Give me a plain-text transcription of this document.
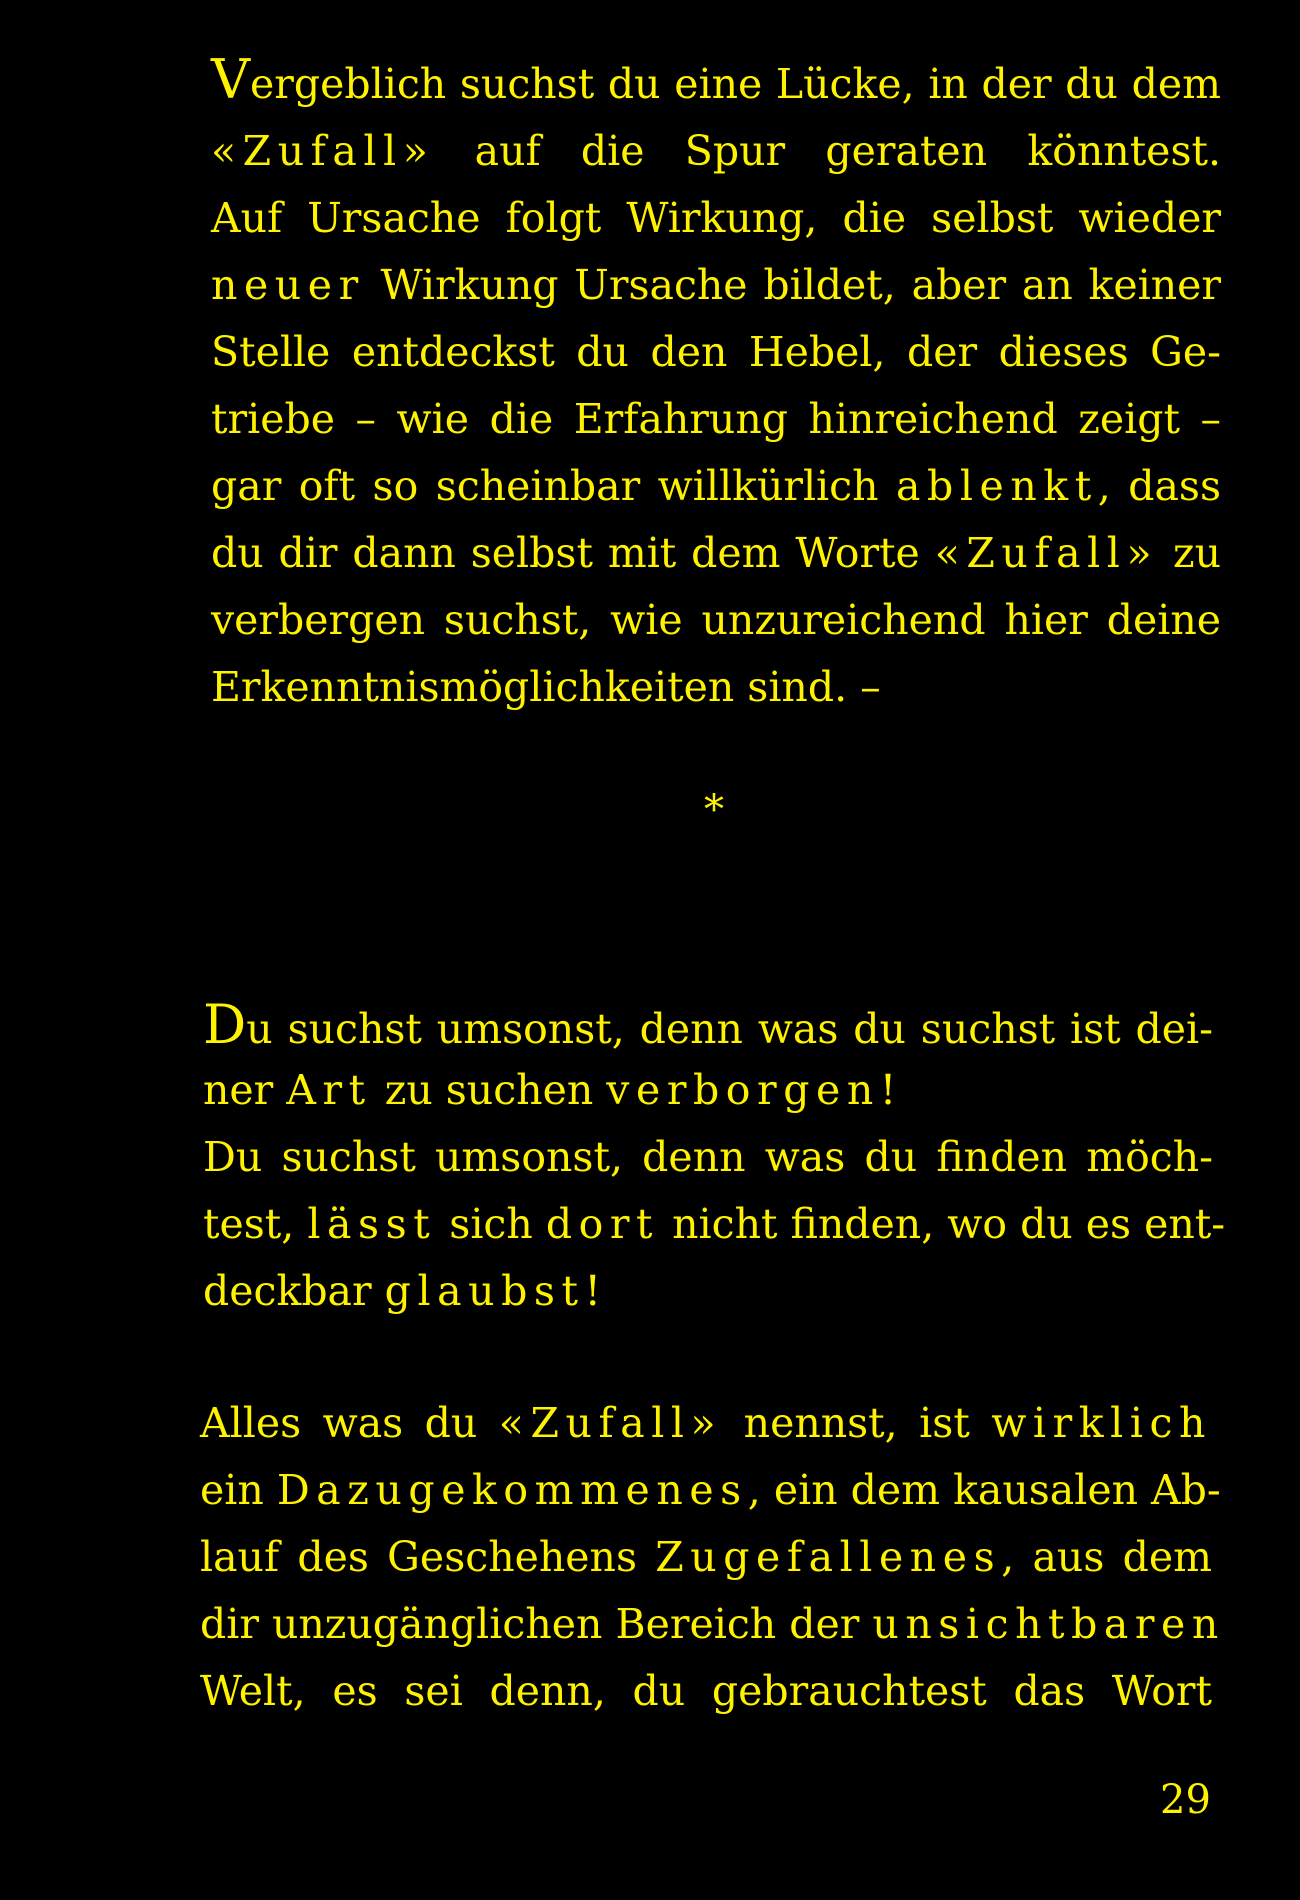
Vergeblich suchst du eine Lücke, in der du dem
«Zufall» auf die Spur geraten könntest.
Auf Ursache folgt Wirkung, die selbst wieder
neuer Wirkung Ursache bildet, aber an keiner
Stelle entdeckst du den Hebel, der dieses Ge-
triebe – wie die Erfahrung hinreichend zeigt –
gar oft so scheinbar willkürlich ablenkt, dass
du dir dann selbst mit dem Worte «Zufall» zu
verbergen suchst, wie unzureichend hier deine
Erkenntnismöglichkeiten sind. –
*
Du suchst umsonst, denn was du suchst ist dei-
ner Art zu suchen verborgen!
Du suchst umsonst, denn was du finden möch-
test, lässt sich dort nicht finden, wo du es ent-
deckbar glaubst!
Alles was du «Zufall» nennst, ist wirklich
ein Dazugekommenes, ein dem kausalen Ab-
lauf des Geschehens Zugefallenes, aus dem
dir unzugänglichen Bereich der unsichtbaren
Welt, es sei denn, du gebrauchtest das Wort
29
